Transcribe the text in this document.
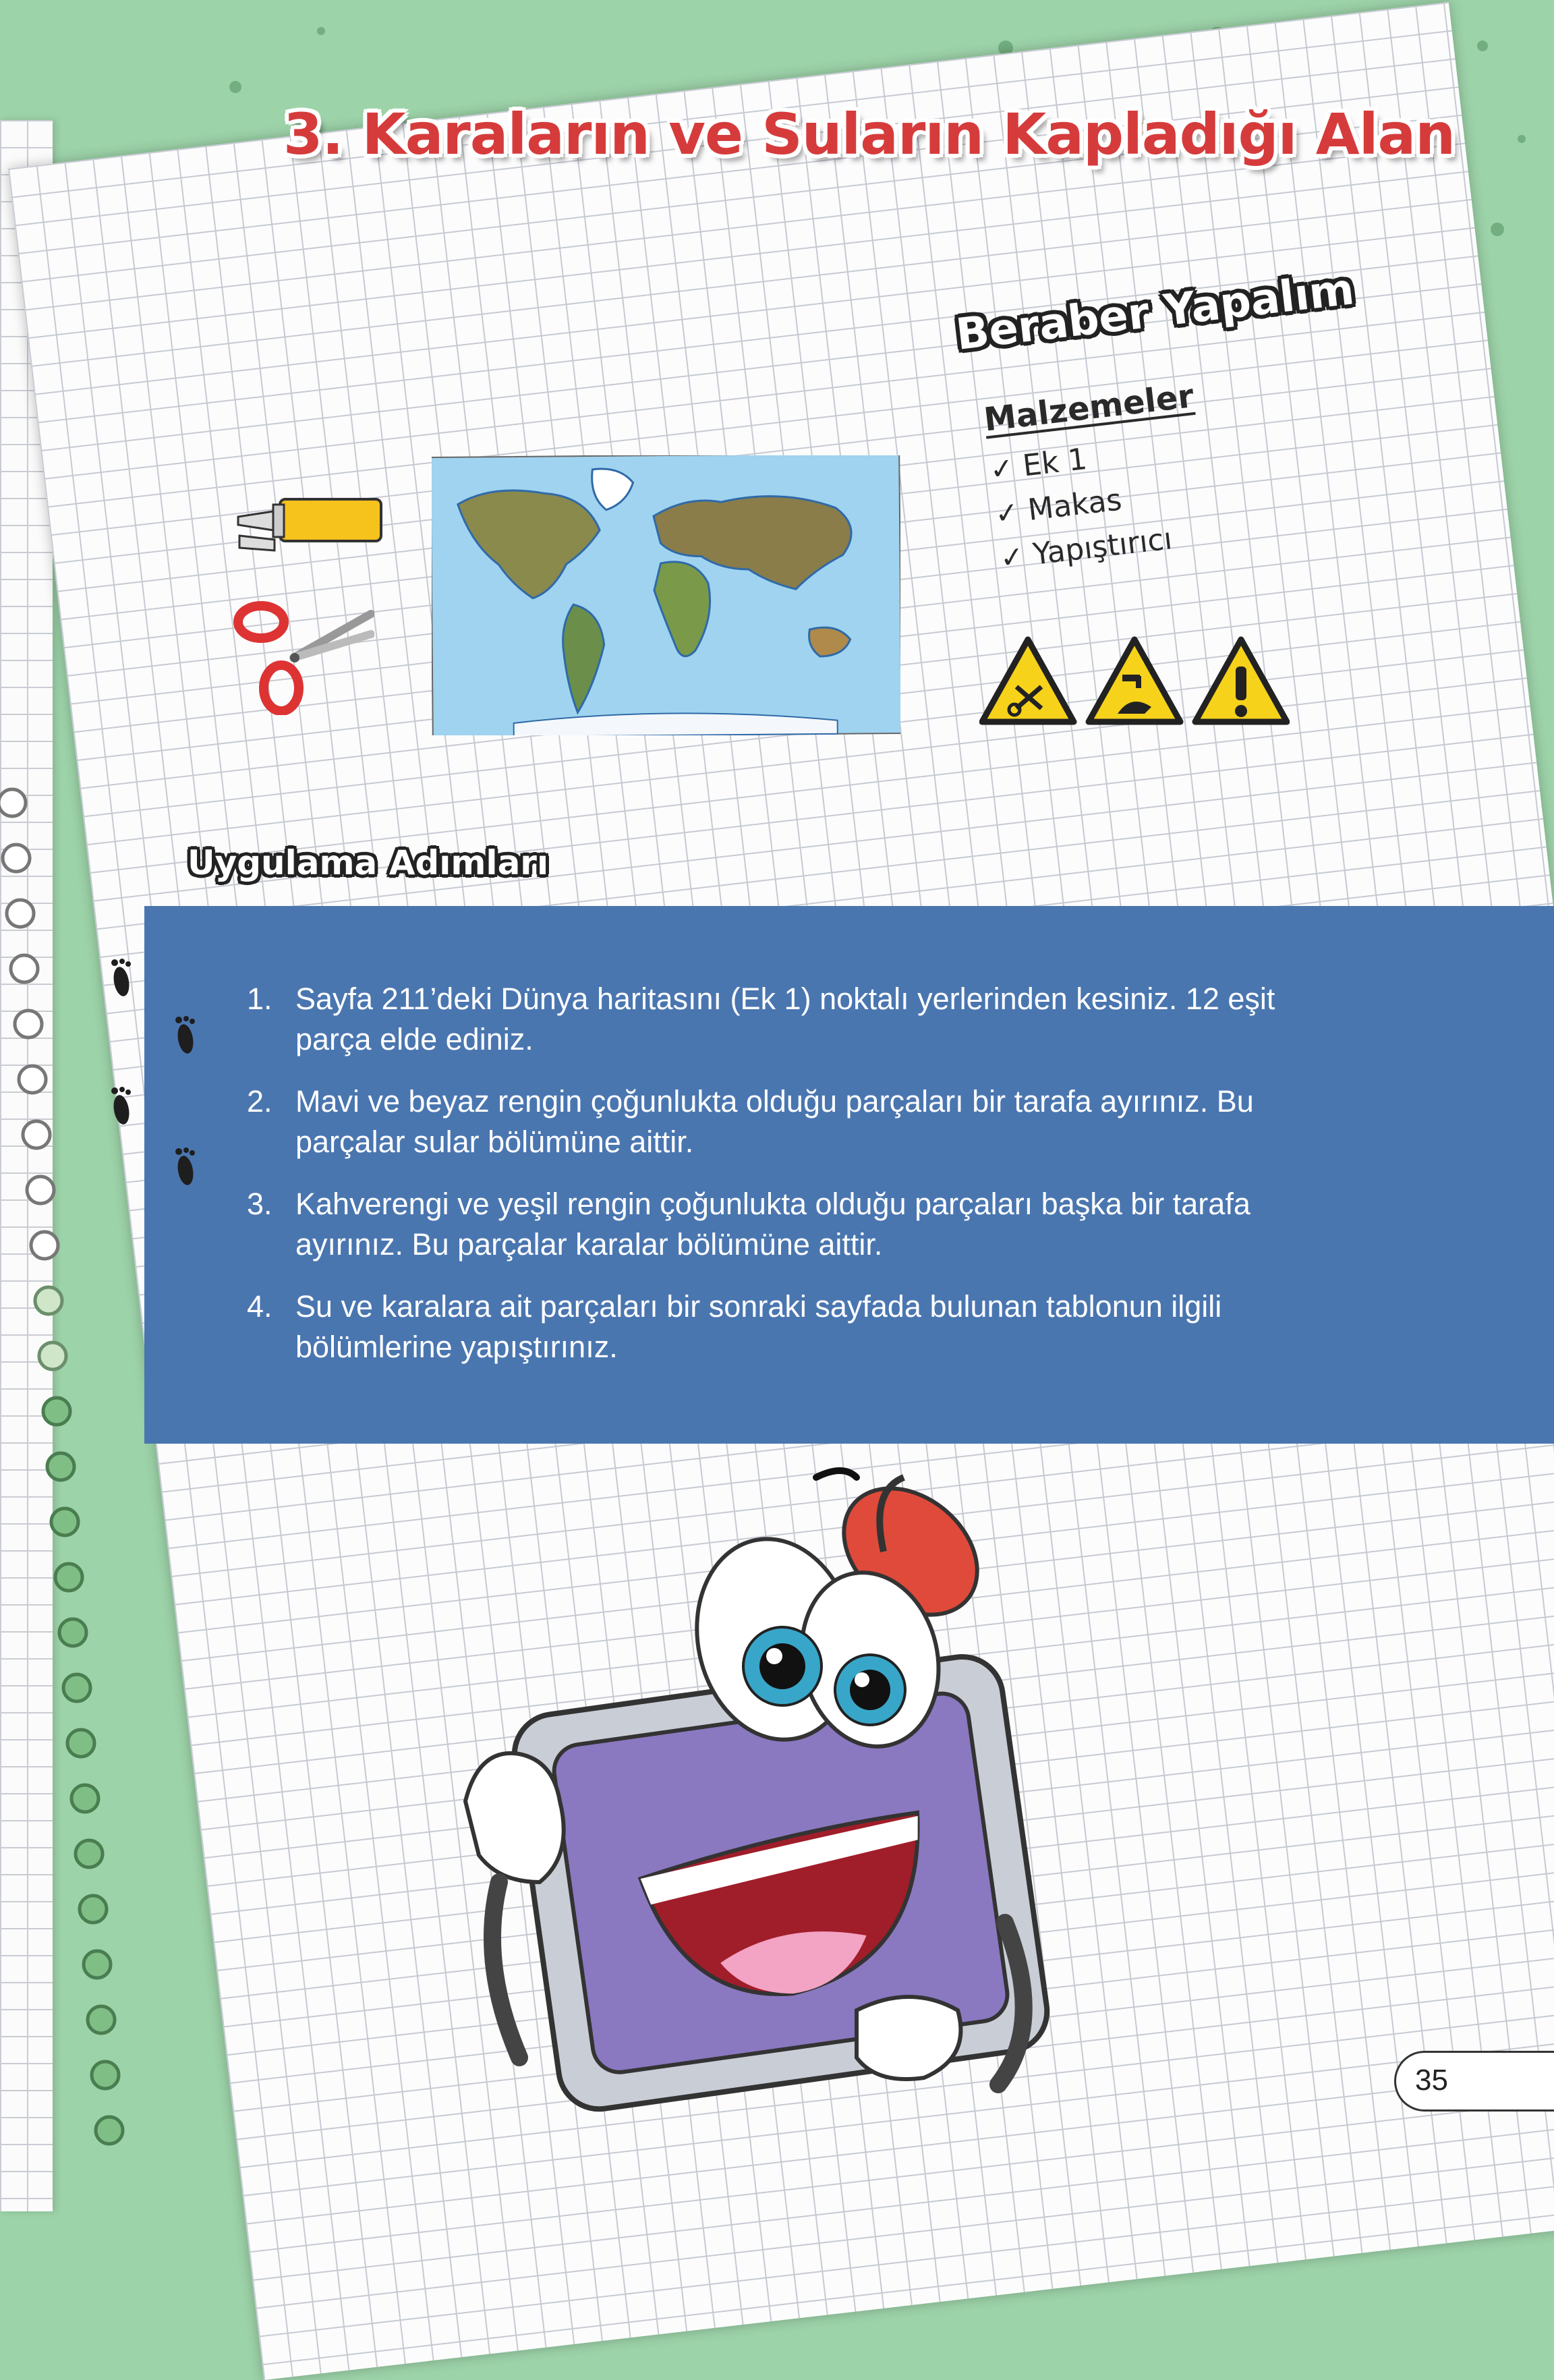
3. Karaların ve Suların Kapladığı Alan
Beraber Yapalım
Malzemeler
✓ Ek 1
✓ Makas
✓ Yapıştırıcı
Uygulama Adımları
1. Sayfa 211’deki Dünya haritasını (Ek 1) noktalı yerlerinden kesiniz. 12 eşit parça elde ediniz.
2. Mavi ve beyaz rengin çoğunlukta olduğu parçaları bir tarafa ayırınız. Bu parçalar sular bölümüne aittir.
3. Kahverengi ve yeşil rengin çoğunlukta olduğu parçaları başka bir tarafa ayırınız. Bu parçalar karalar bölümüne aittir.
4. Su ve karalara ait parçaları bir sonraki sayfada bulunan tablonun ilgili bölümlerine yapıştırınız.
35
